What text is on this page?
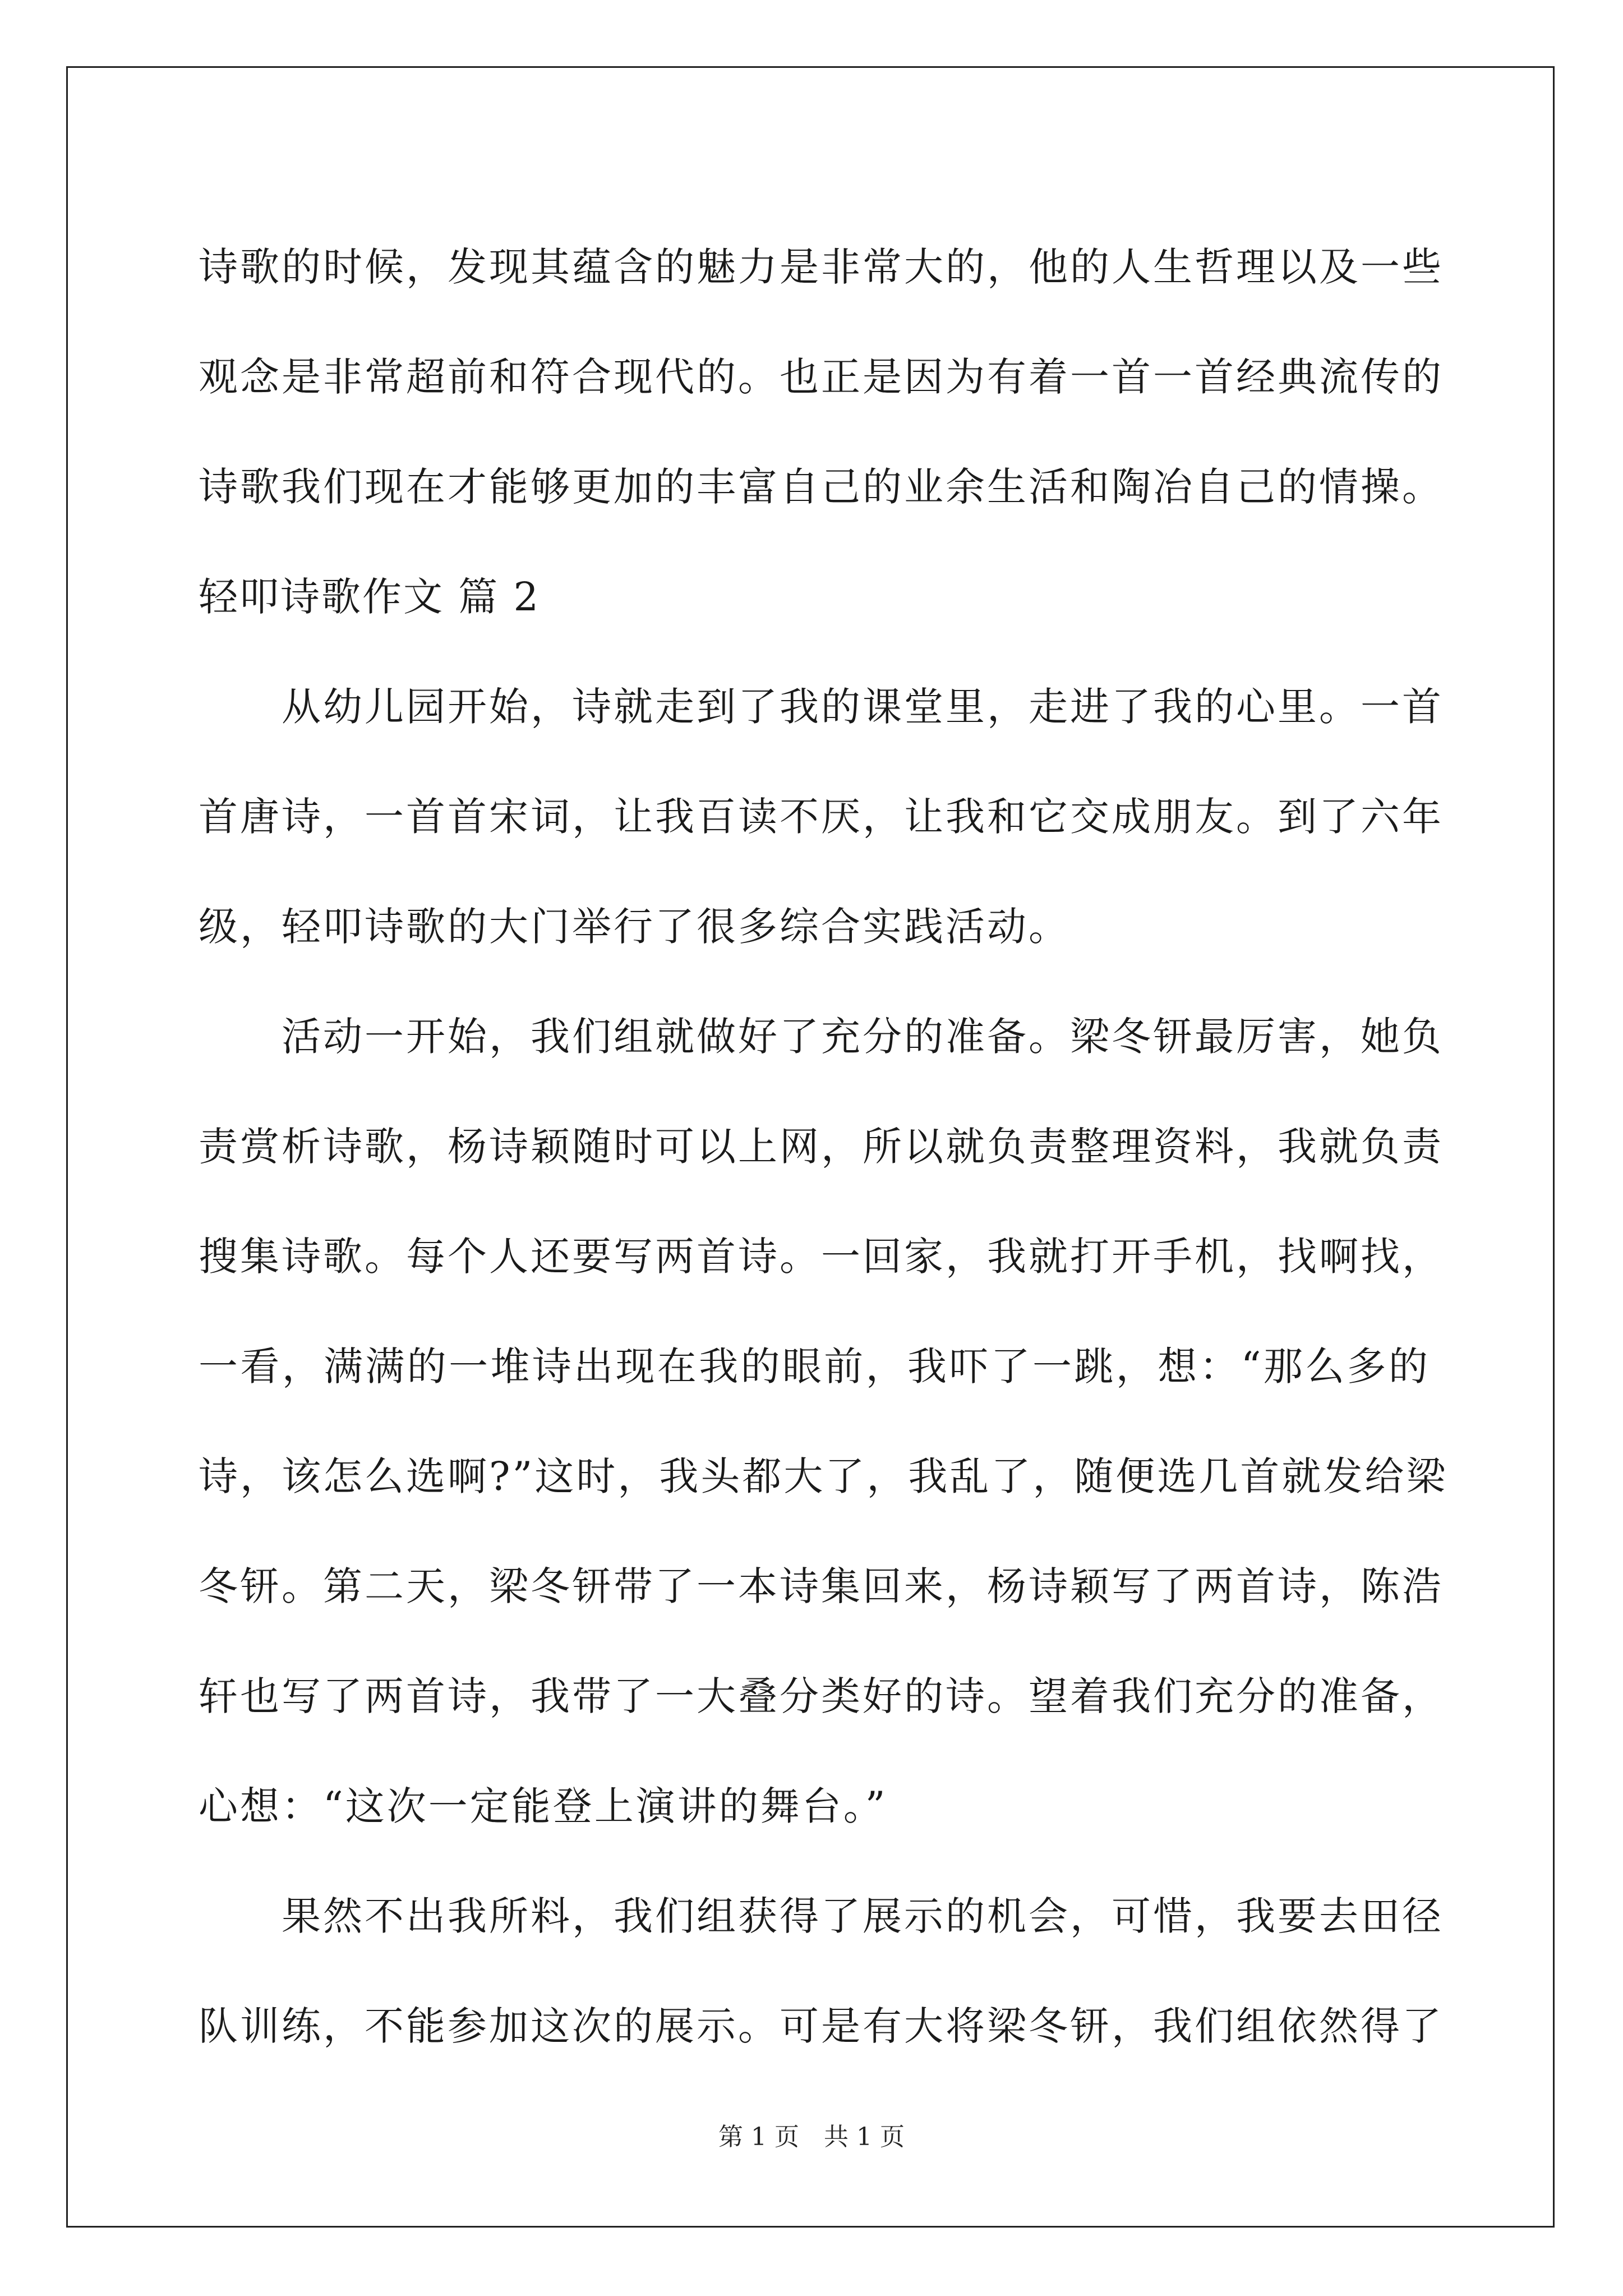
诗歌的时候，发现其蕴含的魅力是非常大的，他的人生哲理以及一些
观念是非常超前和符合现代的。也正是因为有着一首一首经典流传的
诗歌我们现在才能够更加的丰富自己的业余生活和陶冶自己的情操。
轻叩诗歌作文 篇 2
从幼儿园开始，诗就走到了我的课堂里，走进了我的心里。一首
首唐诗，一首首宋词，让我百读不厌，让我和它交成朋友。到了六年
级，轻叩诗歌的大门举行了很多综合实践活动。
活动一开始，我们组就做好了充分的准备。梁冬钘最厉害，她负
责赏析诗歌，杨诗颖随时可以上网，所以就负责整理资料，我就负责
搜集诗歌。每个人还要写两首诗。一回家，我就打开手机，找啊找，
一看，满满的一堆诗出现在我的眼前，我吓了一跳，想：“那么多的
诗，该怎么选啊?”这时，我头都大了，我乱了，随便选几首就发给梁
冬钘。第二天，梁冬钘带了一本诗集回来，杨诗颖写了两首诗，陈浩
轩也写了两首诗，我带了一大叠分类好的诗。望着我们充分的准备，
心想：“这次一定能登上演讲的舞台。”
果然不出我所料，我们组获得了展示的机会，可惜，我要去田径
队训练，不能参加这次的展示。可是有大将梁冬钘，我们组依然得了
第 1 页 共 1 页
